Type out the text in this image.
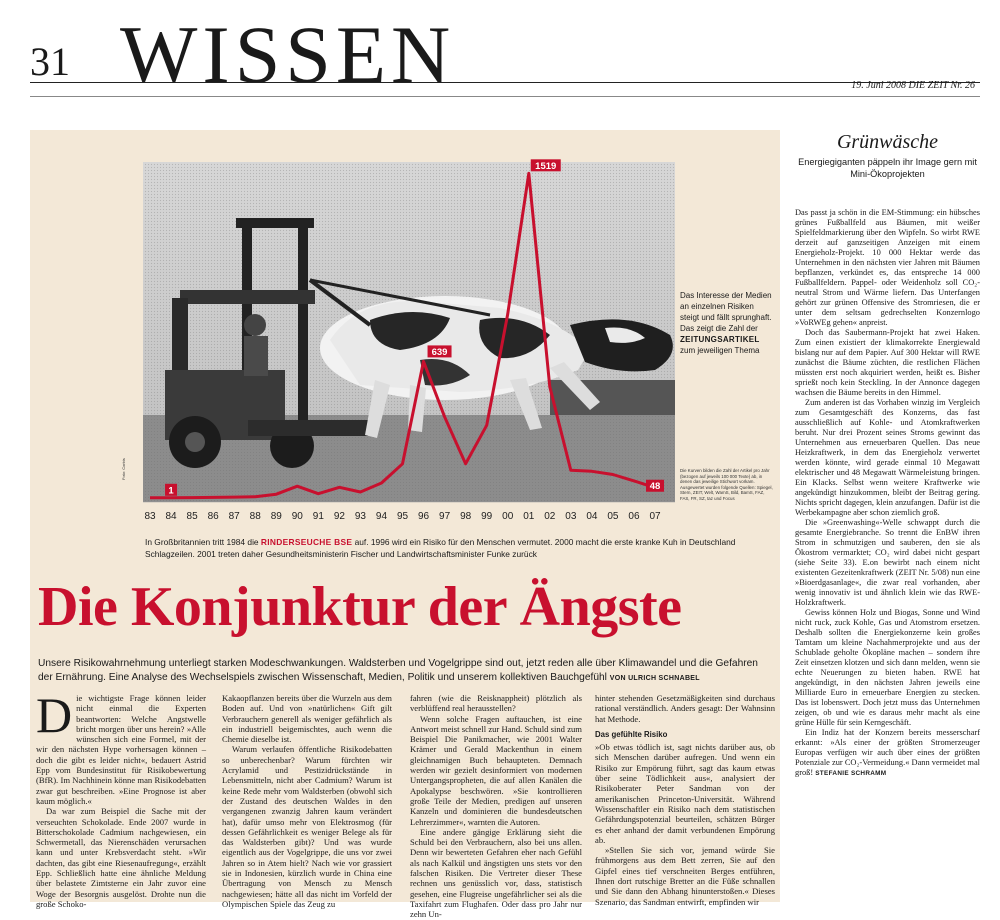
31 WISSEN	19. Juni 2008 DIE ZEIT Nr. 26
83 84 85 86 87 88 89 90 91 92 93 94 95 96 97 98 99 00 01 02 03 04 05 06 07
1
639
1519
48
Foto: Corbis
Das Interesse der Medien an einzelnen Risiken steigt und fällt sprunghaft. Das zeigt die Zahl der ZEITUNGSARTIKEL zum jeweiligen Thema
Die Kurven bilden die Zahl der Artikel pro Jahr (bezogen auf jeweils 100 000 Texte) ab, in denen das jeweilige Stichwort vorkam. Ausgewertet wurden folgende Quellen: Spiegel, Stern, ZEIT, Welt, WamS, Bild, BamS, FAZ, FAS, FR, SZ, taz und Focus
In Großbritannien tritt 1984 die RINDERSEUCHE BSE auf. 1996 wird ein Risiko für den Menschen vermutet. 2000 macht die erste kranke Kuh in Deutschland Schlagzeilen. 2001 treten daher Gesundheitsministerin Fischer und Landwirtschaftsminister Funke zurück
Die Konjunktur der Ängste
Unsere Risikowahrnehmung unterliegt starken Modeschwankungen. Waldsterben und Vogelgrippe sind out, jetzt reden alle über Klimawandel und die Gefahren der Ernährung. Eine Analyse des Wechselspiels zwischen Wissenschaft, Medien, Politik und unserem kollektiven Bauchgefühl VON ULRICH SCHNABEL
D ie wichtigste Frage können leider nicht einmal die Experten beantworten: Welche Angstwelle bricht morgen über uns herein? »Alle wünschen sich eine Formel, mit der wir den nächsten Hype vorhersagen können – doch die gibt es leider nicht«, bedauert Astrid Epp vom Bundesinstitut für Risikobewertung (BfR). Im Nachhinein könne man Risikodebatten zwar gut beschreiben. »Eine Prognose ist aber kaum möglich.«

Da war zum Beispiel die Sache mit der verseuchten Schokolade. Ende 2007 wurde in Bitterschokolade Cadmium nachgewiesen, ein Schwermetall, das Nierenschäden verursachen kann und unter Krebsverdacht steht. »Wir dachten, das gibt eine Riesenaufregung«, erzählt Epp. Schließlich hatte eine ähnliche Meldung über belastete Zimtsterne ein Jahr zuvor eine Woge der Besorgnis ausgelöst. Drohte nun die große Schoko-

Kakaopflanzen bereits über die Wurzeln aus dem Boden auf. Und von »natürlichen« Gift gilt Verbrauchern generell als weniger gefährlich als ein industriell beigemischtes, auch wenn die Chemie dieselbe ist.

Warum verlaufen öffentliche Risikodebatten so unberechenbar? Warum fürchten wir Acrylamid und Pestizidrückstände in Lebensmitteln, nicht aber Cadmium? Warum ist keine Rede mehr vom Waldsterben (obwohl sich der Zustand des deutschen Waldes in den vergangenen zwanzig Jahren kaum verändert hat), dafür umso mehr von Elektrosmog (für dessen Gefährlichkeit es weniger Belege als für das Waldsterben gibt)? Und was wurde eigentlich aus der Vogelgrippe, die uns vor zwei Jahren so in Atem hielt? Nach wie vor grassiert sie in Indonesien, kürzlich wurde in China eine Übertragung von Mensch zu Mensch nachgewiesen; hätte all das nicht im Vorfeld der Olympischen Spiele das Zeug zu

fahren (wie die Reisknappheit) plötzlich als verblüffend real herausstellen?

Wenn solche Fragen auftauchen, ist eine Antwort meist schnell zur Hand. Schuld sind zum Beispiel Die Panikmacher, wie 2001 Walter Krämer und Gerald Mackenthun in einem gleichnamigen Buch behaupteten. Demnach werden wir gezielt desinformiert von modernen Untergangspropheten, die auf allen Kanälen die Apokalypse beschwören. »Sie kontrollieren große Teile der Medien, predigen auf unseren Kanzeln und dominieren die bundesdeutschen Lehrerzimmer«, warnten die Autoren.

Eine andere gängige Erklärung sieht die Schuld bei den Verbrauchern, also bei uns allen. Denn wir bewerteten Gefahren eher nach Gefühl als nach Kalkül und ängstigten uns stets vor den falschen Risiken. Die Vertreter dieser These rechnen uns genüsslich vor, dass, statistisch gesehen, eine Flugreise ungefährlicher sei als die Taxifahrt zum Flughafen. Oder dass pro Jahr nur zehn Un-

hinter stehenden Gesetzmäßigkeiten sind durchaus rational verständlich. Anders gesagt: Der Wahnsinn hat Methode.

Das gefühlte Risiko

»Ob etwas tödlich ist, sagt nichts darüber aus, ob sich Menschen darüber aufregen. Und wenn ein Risiko zur Empörung führt, sagt das kaum etwas über seine Tödlichkeit aus«, analysiert der Risikoberater Peter Sandman von der amerikanischen Princeton-Universität. Während Wissenschaftler ein Risiko nach dem statistischen Gefährdungspotenzial beurteilen, schätzen Bürger es eher anhand der damit verbundenen Empörung ab.

»Stellen Sie sich vor, jemand würde Sie frühmorgens aus dem Bett zerren, Sie auf den Gipfel eines tief verschneiten Berges entführen, Ihnen dort rutschige Bretter an die Füße schnallen und Sie dann den Abhang hinunterstoßen.« Dieses Szenario, das Sandman entwirft, empfinden wir

Grünwäsche
Energiegiganten päppeln ihr Image gern mit Mini-Ökoprojekten

Das passt ja schön in die EM-Stimmung: ein hübsches grünes Fußballfeld aus Bäumen, mit weißer Spielfeldmarkierung über den Wipfeln. So wirbt RWE derzeit auf ganzseitigen Anzeigen mit einem Energieholz-Projekt. 10 000 Hektar werde das Unternehmen in den nächsten vier Jahren mit Bäumen bepflanzen, verkündet es, das entspreche 14 000 Fußballfeldern. Pappel- oder Weidenholz soll CO₂-neutral Strom und Wärme liefern. Das Unterfangen gehört zur grünen Offensive des Stromriesen, die er unter dem seltsam gedrechselten Konzernlogo »VoRWEg gehen« anpreist.

Doch das Saubermann-Projekt hat zwei Haken. Zum einen existiert der klimakorrekte Energiewald bislang nur auf dem Papier. Auf 300 Hektar will RWE zunächst die Bäume züchten, die restlichen Flächen müssten erst noch akquiriert werden, heißt es. Bisher sprießt noch kein Steckling. In der Annonce dagegen wachsen die Bäume bereits in den Himmel.

Zum anderen ist das Vorhaben winzig im Vergleich zum Gesamtgeschäft des Konzerns, das fast ausschließlich auf Kohle- und Atomkraftwerken beruht. Nur drei Prozent seines Stroms gewinnt das Unternehmen aus erneuerbaren Quellen. Das neue Heizkraftwerk, in dem das Energieholz verwertet werden könnte, wird gerade einmal 10 Megawatt elektrischer und 48 Megawatt Wärmeleistung bringen. Ein Klacks. Selbst wenn weitere Kraftwerke wie angekündigt hinzukommen, bleibt der Beitrag gering. Nichts spricht dagegen, klein anzufangen. Dafür ist die Werbekampagne aber schon ziemlich groß.

Die »Greenwashing«-Welle schwappt durch die gesamte Energiebranche. So trennt die EnBW ihren Strom in schmutzigen und sauberen, den sie als Ökostrom vermarktet; CO₂ wird dabei nicht gespart (siehe Seite 33). E.on bewirbt nach einem nicht existenten Gezeitenkraftwerk (ZEIT Nr. 5/08) nun eine »Bioerdgasanlage«, die zwar real vorhanden, aber wenig innovativ ist und ähnlich klein wie das RWE-Holzkraftwerk.

Gewiss können Holz und Biogas, Sonne und Wind nicht ruck, zuck Kohle, Gas und Atomstrom ersetzen. Deshalb sollten die Energiekonzerne kein großes Tamtam um kleine Nachahmerprojekte und aus der Schublade geholte Ökopläne machen – sondern ihre Zeit einsetzen klotzen und sich dann melden, wenn sie echte Neuerungen zu bieten haben. RWE hat angekündigt, in den nächsten Jahren jeweils eine Milliarde Euro in erneuerbare Energien zu stecken. Das ist lobenswert. Doch jetzt muss das Unternehmen zeigen, ob und wie es daraus mehr macht als eine grüne Hülle für sein Kerngeschäft.

Ein Indiz hat der Konzern bereits messerscharf erkannt: »Als einer der größten Stromerzeuger Europas verfügen wir auch über eines der größten Potenziale zur CO₂-Vermeidung.« Dann vermeidet mal groß! STEFANIE SCHRAMM
